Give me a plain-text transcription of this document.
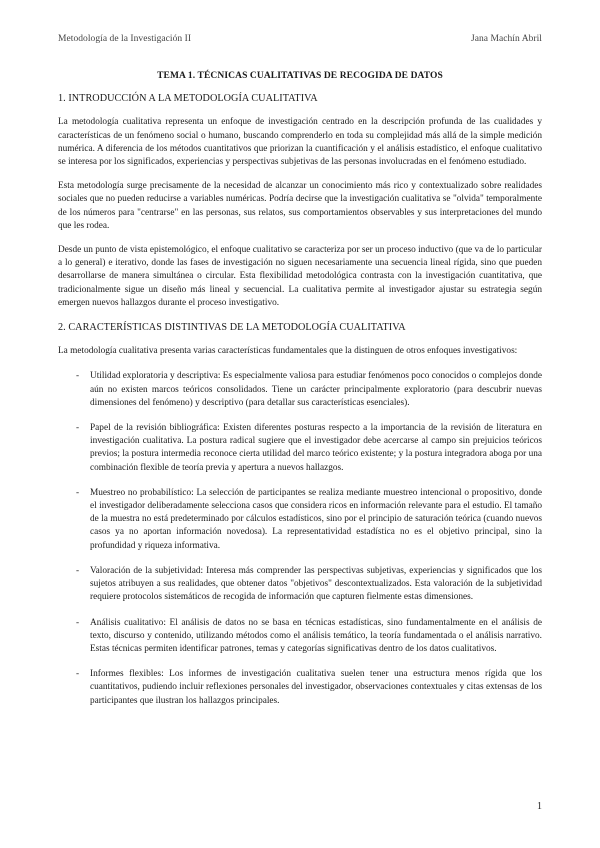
Metodología de la Investigación II	Jana Machín Abril
TEMA 1. TÉCNICAS CUALITATIVAS DE RECOGIDA DE DATOS
1. INTRODUCCIÓN A LA METODOLOGÍA CUALITATIVA

La metodología cualitativa representa un enfoque de investigación centrado en la descripción profunda de las cualidades y características de un fenómeno social o humano, buscando comprenderlo en toda su complejidad más allá de la simple medición numérica. A diferencia de los métodos cuantitativos que priorizan la cuantificación y el análisis estadístico, el enfoque cualitativo se interesa por los significados, experiencias y perspectivas subjetivas de las personas involucradas en el fenómeno estudiado.

Esta metodología surge precisamente de la necesidad de alcanzar un conocimiento más rico y contextualizado sobre realidades sociales que no pueden reducirse a variables numéricas. Podría decirse que la investigación cualitativa se "olvida" temporalmente de los números para "centrarse" en las personas, sus relatos, sus comportamientos observables y sus interpretaciones del mundo que les rodea.

Desde un punto de vista epistemológico, el enfoque cualitativo se caracteriza por ser un proceso inductivo (que va de lo particular a lo general) e iterativo, donde las fases de investigación no siguen necesariamente una secuencia lineal rígida, sino que pueden desarrollarse de manera simultánea o circular. Esta flexibilidad metodológica contrasta con la investigación cuantitativa, que tradicionalmente sigue un diseño más lineal y secuencial. La cualitativa permite al investigador ajustar su estrategia según emergen nuevos hallazgos durante el proceso investigativo.

2. CARACTERÍSTICAS DISTINTIVAS DE LA METODOLOGÍA CUALITATIVA

La metodología cualitativa presenta varias características fundamentales que la distinguen de otros enfoques investigativos:

- Utilidad exploratoria y descriptiva: Es especialmente valiosa para estudiar fenómenos poco conocidos o complejos donde aún no existen marcos teóricos consolidados. Tiene un carácter principalmente exploratorio (para descubrir nuevas dimensiones del fenómeno) y descriptivo (para detallar sus características esenciales).
- Papel de la revisión bibliográfica: Existen diferentes posturas respecto a la importancia de la revisión de literatura en investigación cualitativa. La postura radical sugiere que el investigador debe acercarse al campo sin prejuicios teóricos previos; la postura intermedia reconoce cierta utilidad del marco teórico existente; y la postura integradora aboga por una combinación flexible de teoría previa y apertura a nuevos hallazgos.
- Muestreo no probabilístico: La selección de participantes se realiza mediante muestreo intencional o propositivo, donde el investigador deliberadamente selecciona casos que considera ricos en información relevante para el estudio. El tamaño de la muestra no está predeterminado por cálculos estadísticos, sino por el principio de saturación teórica (cuando nuevos casos ya no aportan información novedosa). La representatividad estadística no es el objetivo principal, sino la profundidad y riqueza informativa.
- Valoración de la subjetividad: Interesa más comprender las perspectivas subjetivas, experiencias y significados que los sujetos atribuyen a sus realidades, que obtener datos "objetivos" descontextualizados. Esta valoración de la subjetividad requiere protocolos sistemáticos de recogida de información que capturen fielmente estas dimensiones.
- Análisis cualitativo: El análisis de datos no se basa en técnicas estadísticas, sino fundamentalmente en el análisis de texto, discurso y contenido, utilizando métodos como el análisis temático, la teoría fundamentada o el análisis narrativo. Estas técnicas permiten identificar patrones, temas y categorías significativas dentro de los datos cualitativos.
- Informes flexibles: Los informes de investigación cualitativa suelen tener una estructura menos rígida que los cuantitativos, pudiendo incluir reflexiones personales del investigador, observaciones contextuales y citas extensas de los participantes que ilustran los hallazgos principales.
1
